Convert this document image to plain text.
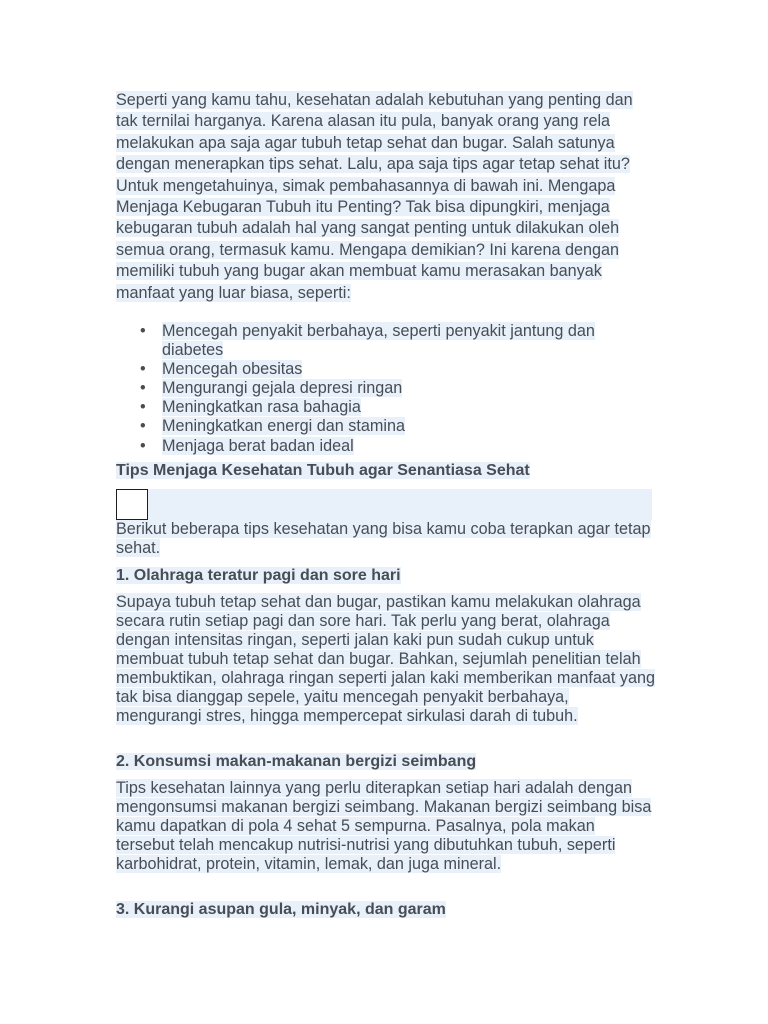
Seperti yang kamu tahu, kesehatan adalah kebutuhan yang penting dan tak ternilai harganya. Karena alasan itu pula, banyak orang yang rela melakukan apa saja agar tubuh tetap sehat dan bugar. Salah satunya dengan menerapkan tips sehat. Lalu, apa saja tips agar tetap sehat itu? Untuk mengetahuinya, simak pembahasannya di bawah ini. Mengapa Menjaga Kebugaran Tubuh itu Penting? Tak bisa dipungkiri, menjaga kebugaran tubuh adalah hal yang sangat penting untuk dilakukan oleh semua orang, termasuk kamu. Mengapa demikian? Ini karena dengan memiliki tubuh yang bugar akan membuat kamu merasakan banyak manfaat yang luar biasa, seperti:

• Mencegah penyakit berbahaya, seperti penyakit jantung dan diabetes
• Mencegah obesitas
• Mengurangi gejala depresi ringan
• Meningkatkan rasa bahagia
• Meningkatkan energi dan stamina
• Menjaga berat badan ideal
Tips Menjaga Kesehatan Tubuh agar Senantiasa Sehat

Berikut beberapa tips kesehatan yang bisa kamu coba terapkan agar tetap sehat.

1. Olahraga teratur pagi dan sore hari

Supaya tubuh tetap sehat dan bugar, pastikan kamu melakukan olahraga secara rutin setiap pagi dan sore hari. Tak perlu yang berat, olahraga dengan intensitas ringan, seperti jalan kaki pun sudah cukup untuk membuat tubuh tetap sehat dan bugar. Bahkan, sejumlah penelitian telah membuktikan, olahraga ringan seperti jalan kaki memberikan manfaat yang tak bisa dianggap sepele, yaitu mencegah penyakit berbahaya, mengurangi stres, hingga mempercepat sirkulasi darah di tubuh.

2. Konsumsi makan-makanan bergizi seimbang

Tips kesehatan lainnya yang perlu diterapkan setiap hari adalah dengan mengonsumsi makanan bergizi seimbang. Makanan bergizi seimbang bisa kamu dapatkan di pola 4 sehat 5 sempurna. Pasalnya, pola makan tersebut telah mencakup nutrisi-nutrisi yang dibutuhkan tubuh, seperti karbohidrat, protein, vitamin, lemak, dan juga mineral.

3. Kurangi asupan gula, minyak, dan garam
